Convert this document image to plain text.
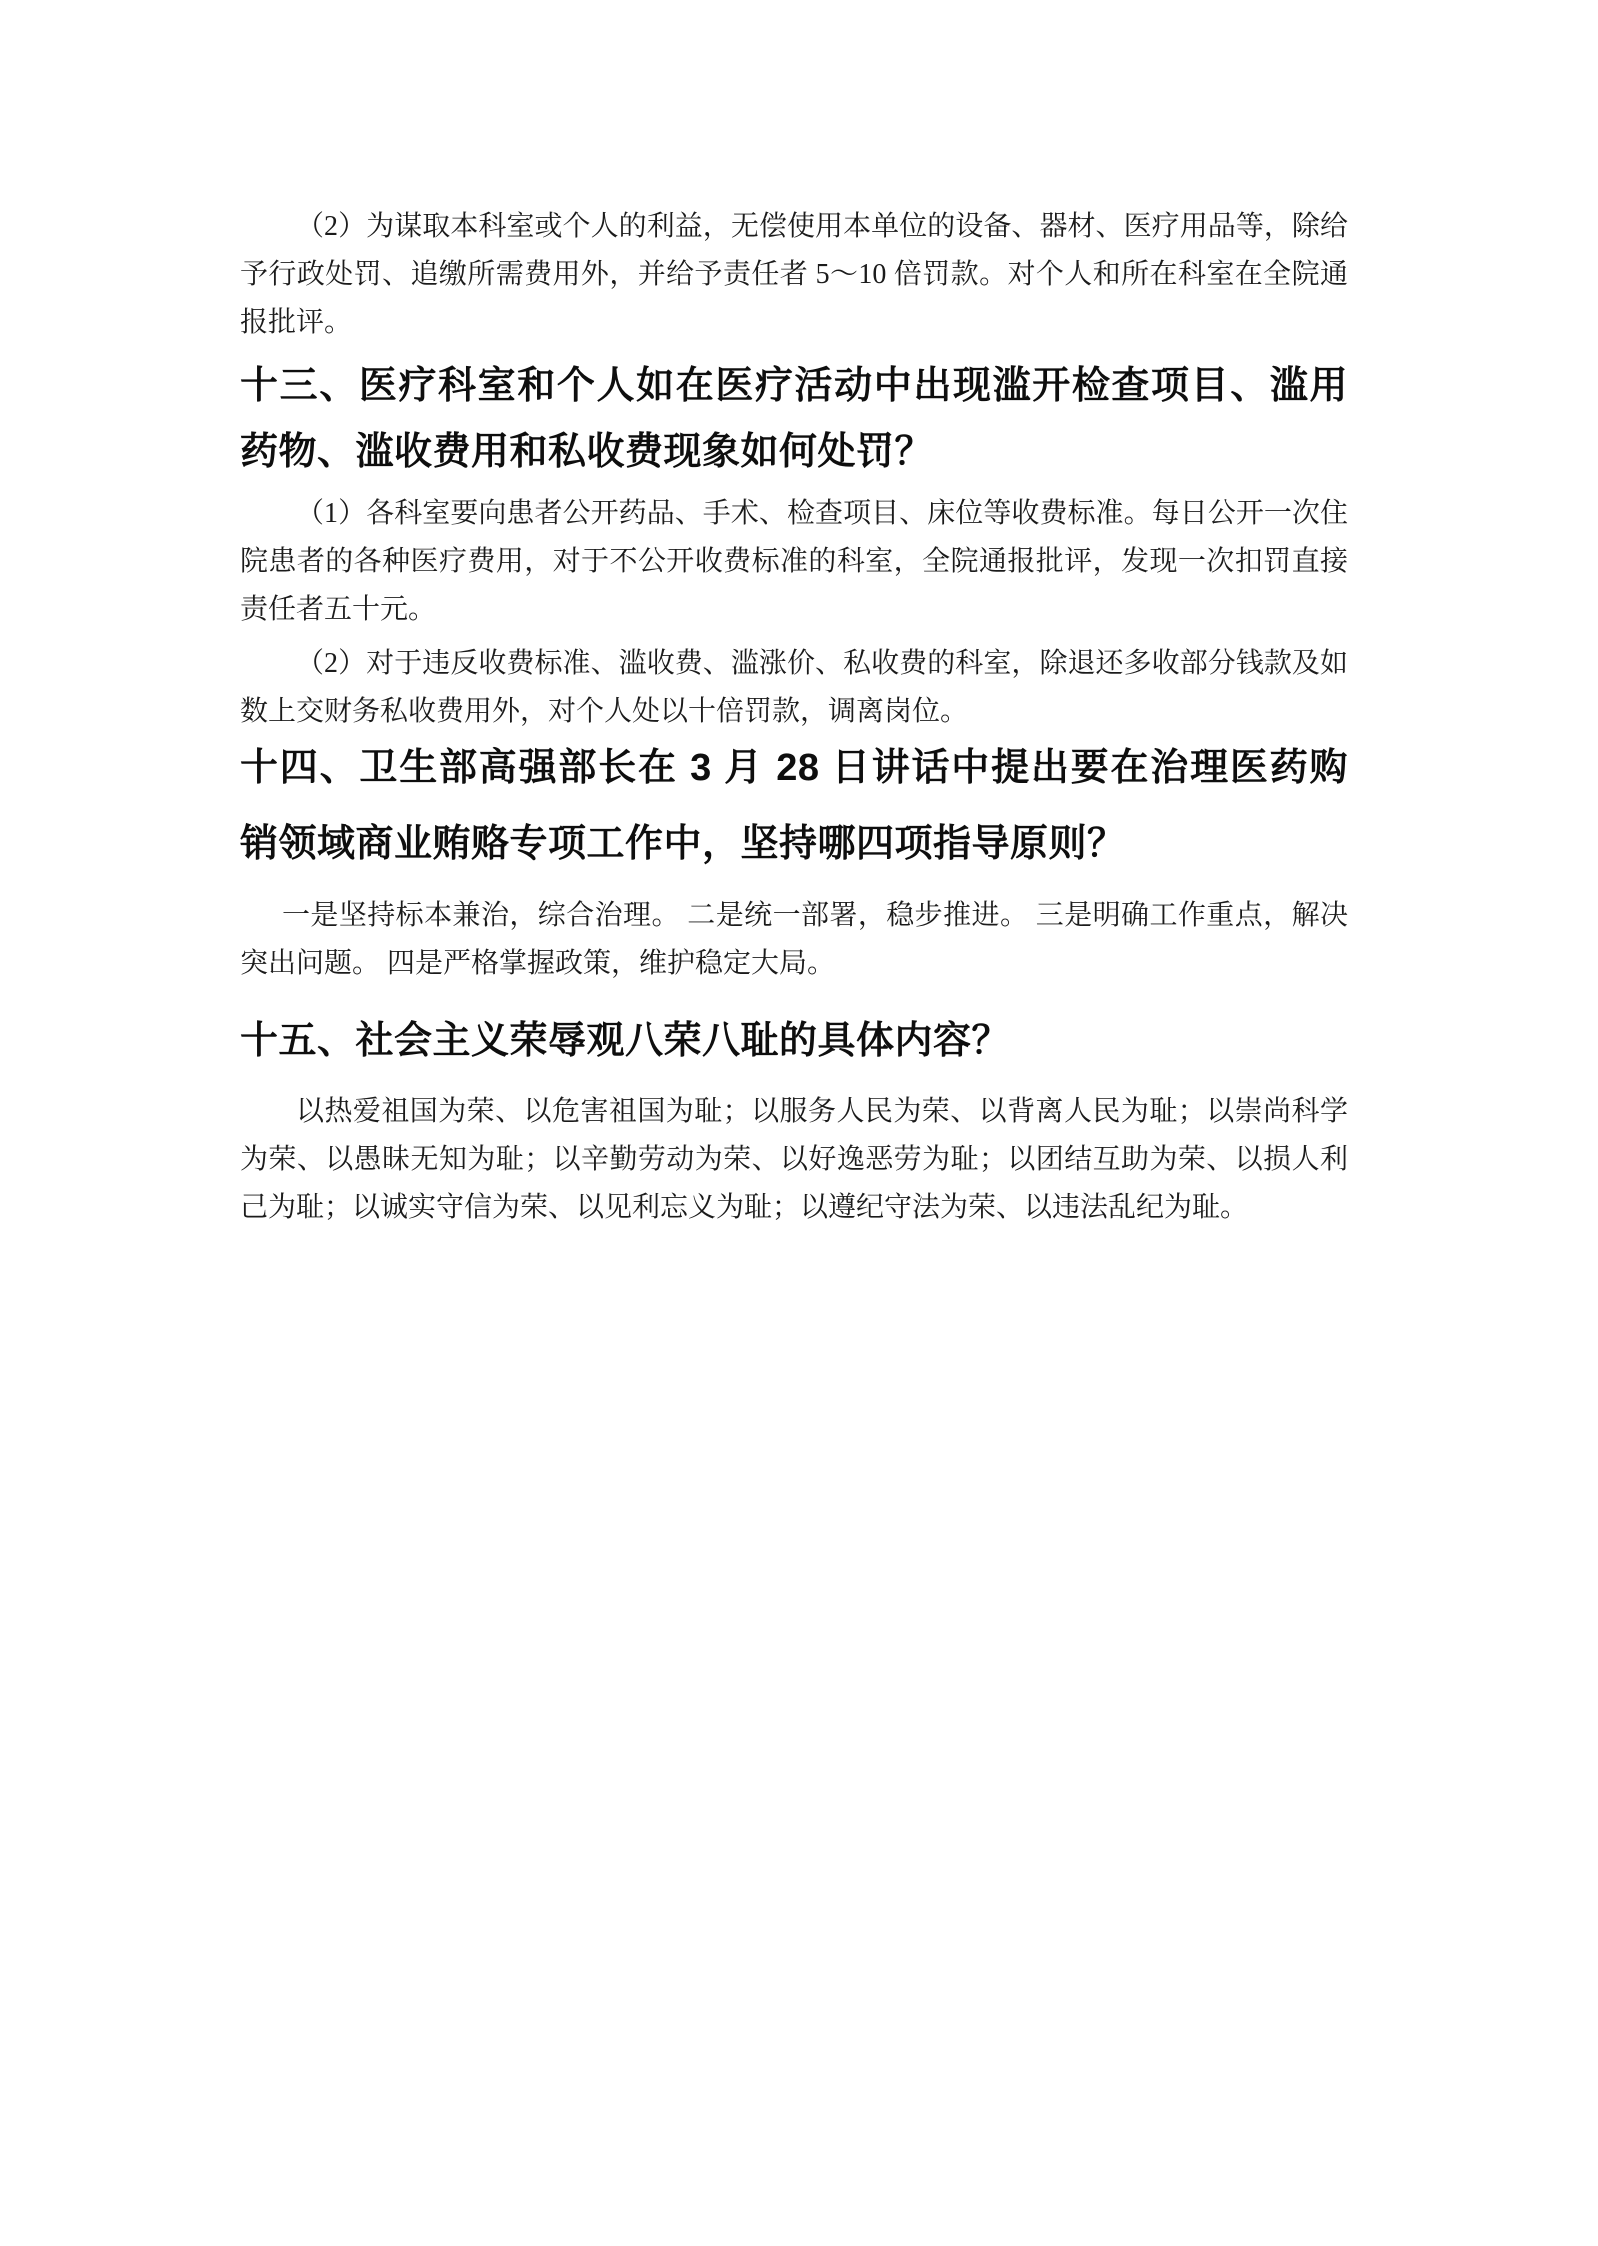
（2）为谋取本科室或个人的利益，无偿使用本单位的设备、器材、医疗用品等，除给予行政处罚、追缴所需费用外，并给予责任者 5～10 倍罚款。对个人和所在科室在全院通报批评。

十三、医疗科室和个人如在医疗活动中出现滥开检查项目、滥用药物、滥收费用和私收费现象如何处罚？

（1）各科室要向患者公开药品、手术、检查项目、床位等收费标准。每日公开一次住院患者的各种医疗费用，对于不公开收费标准的科室，全院通报批评，发现一次扣罚直接责任者五十元。

（2）对于违反收费标准、滥收费、滥涨价、私收费的科室，除退还多收部分钱款及如数上交财务私收费用外，对个人处以十倍罚款，调离岗位。

十四、卫生部高强部长在 3 月 28 日讲话中提出要在治理医药购销领域商业贿赂专项工作中，坚持哪四项指导原则？

一是坚持标本兼治，综合治理。 二是统一部署，稳步推进。 三是明确工作重点，解决突出问题。 四是严格掌握政策，维护稳定大局。

十五、社会主义荣辱观八荣八耻的具体内容？

以热爱祖国为荣、以危害祖国为耻；以服务人民为荣、以背离人民为耻；以崇尚科学为荣、以愚昧无知为耻；以辛勤劳动为荣、以好逸恶劳为耻；以团结互助为荣、以损人利己为耻；以诚实守信为荣、以见利忘义为耻；以遵纪守法为荣、以违法乱纪为耻。
